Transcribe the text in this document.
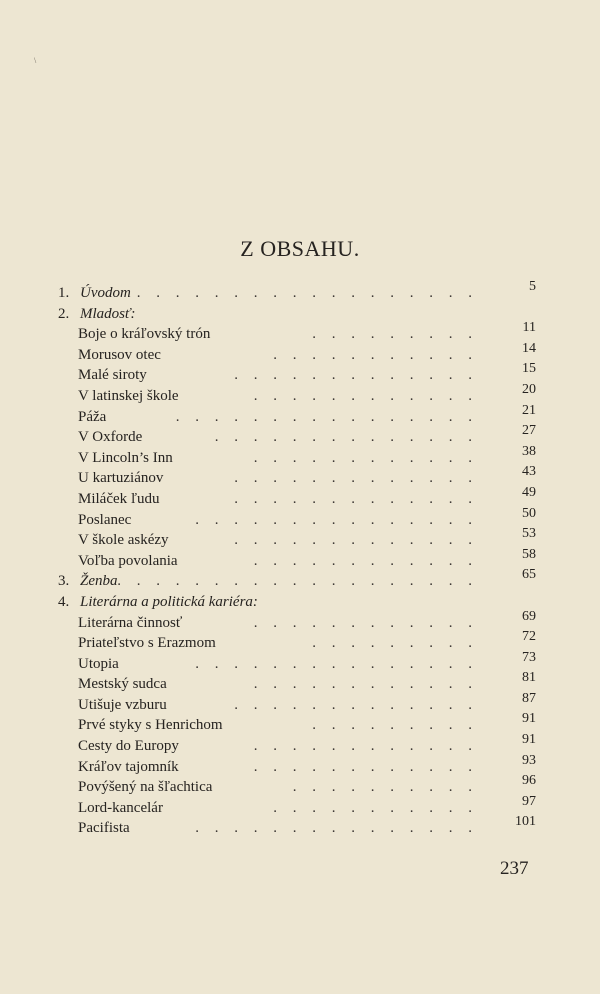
\
Z OBSAHU.
1. Úvodom . . . . . . . . . . . . . . . . . .	5
2. Mladosť:
Boje o kráľovský trón	. . . . . . . . .	11
Morusov otec	. . . . . . . . . . .	14
Malé siroty	. . . . . . . . . . . . .	15
V latinskej škole	. . . . . . . . . . . .	20
Páža	. . . . . . . . . . . . . . . .	21
V Oxforde	. . . . . . . . . . . . . .	27
V Lincoln’s Inn	. . . . . . . . . . . .	38
U kartuziánov	. . . . . . . . . . . . .	43
Miláček ľudu	. . . . . . . . . . . . .	49
Poslanec	. . . . . . . . . . . . . . .	50
V škole askézy	. . . . . . . . . . . . .	53
Voľba povolania	. . . . . . . . . . . .	58
3. Ženba . . . . . . . . . . . . . . . . . . .	65
4. Literárna a politická kariéra:
Literárna činnosť	. . . . . . . . . . . .	69
Priateľstvo s Erazmom	. . . . . . . . .	72
Utopia	. . . . . . . . . . . . . . .	73
Mestský sudca	. . . . . . . . . . . .	81
Utišuje vzburu	. . . . . . . . . . . . .	87
Prvé styky s Henrichom	. . . . . . . . .	91
Cesty do Europy	. . . . . . . . . . . .	91
Kráľov tajomník	. . . . . . . . . . . .	93
Povýšený na šľachtica	. . . . . . . . . .	96
Lord-kancelár	. . . . . . . . . . .	97
Pacifista	. . . . . . . . . . . . . . .	101
237
